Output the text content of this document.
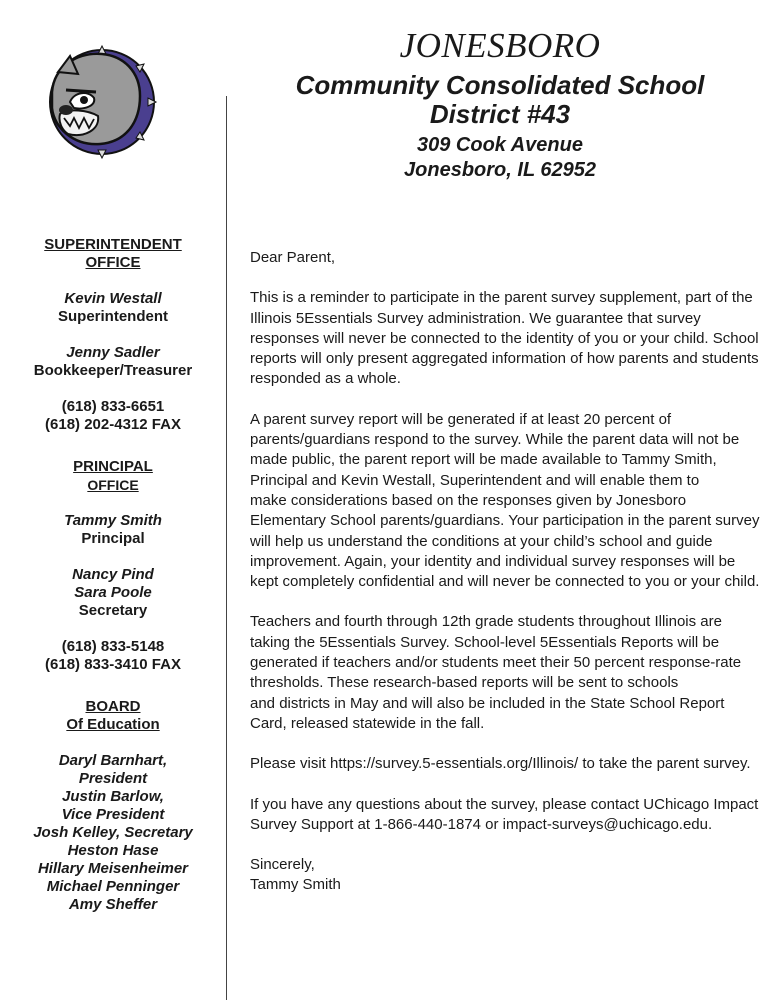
JONESBORO

Community Consolidated School

District #43

309 Cook Avenue

Jonesboro, IL 62952

SUPERINTENDENT

OFFICE

Kevin Westall

Superintendent

Jenny Sadler

Bookkeeper/Treasurer

(618) 833-6651

(618) 202-4312 FAX

PRINCIPAL

OFFICE

Tammy Smith

Principal

Nancy Pind

Sara Poole

Secretary

(618) 833-5148

(618) 833-3410 FAX

BOARD

Of Education

Daryl Barnhart,

President

Justin Barlow,

Vice President

Josh Kelley, Secretary

Heston Hase

Hillary Meisenheimer

Michael Penninger

Amy Sheffer

Dear Parent,

This is a reminder to participate in the parent survey supplement, part of the
Illinois 5Essentials Survey administration. We guarantee that survey
responses will never be connected to the identity of you or your child. School
reports will only present aggregated information of how parents and students
responded as a whole.

A parent survey report will be generated if at least 20 percent of
parents/guardians respond to the survey. While the parent data will not be
made public, the parent report will be made available to Tammy Smith,
Principal and Kevin Westall, Superintendent and will enable them to
make considerations based on the responses given by Jonesboro
Elementary School parents/guardians. Your participation in the parent survey
will help us understand the conditions at your child’s school and guide
improvement. Again, your identity and individual survey responses will be
kept completely confidential and will never be connected to you or your child.

Teachers and fourth through 12th grade students throughout Illinois are
taking the 5Essentials Survey. School-level 5Essentials Reports will be
generated if teachers and/or students meet their 50 percent response-rate
thresholds. These research-based reports will be sent to schools
and districts in May and will also be included in the State School Report
Card, released statewide in the fall.

Please visit https://survey.5-essentials.org/Illinois/ to take the parent survey.

If you have any questions about the survey, please contact UChicago Impact
Survey Support at 1-866-440-1874 or impact-surveys@uchicago.edu.

Sincerely,
Tammy Smith
